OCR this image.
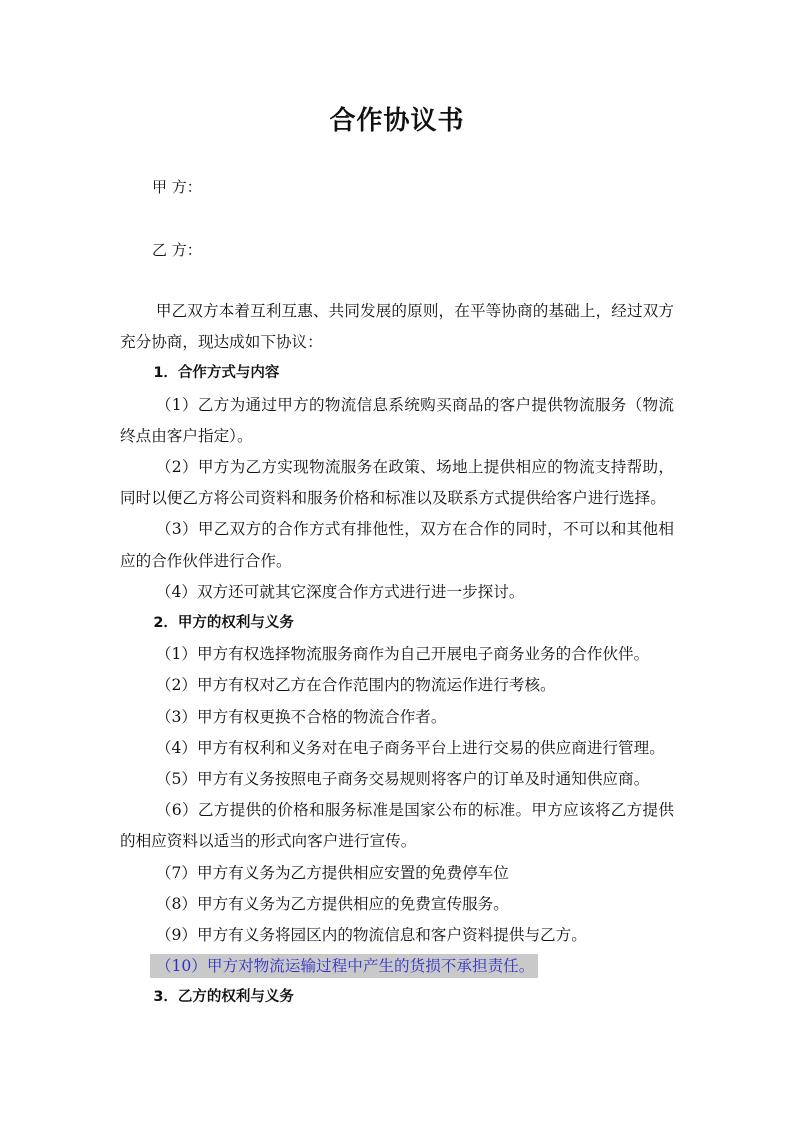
合作协议书
甲 方：
乙 方：

甲乙双方本着互利互惠、共同发展的原则，在平等协商的基础上，经过双方充分协商，现达成如下协议：

1．合作方式与内容

（1）乙方为通过甲方的物流信息系统购买商品的客户提供物流服务（物流终点由客户指定）。

（2）甲方为乙方实现物流服务在政策、场地上提供相应的物流支持帮助，同时以便乙方将公司资料和服务价格和标准以及联系方式提供给客户进行选择。

（3）甲乙双方的合作方式有排他性，双方在合作的同时，不可以和其他相应的合作伙伴进行合作。

（4）双方还可就其它深度合作方式进行进一步探讨。

2．甲方的权利与义务

（1）甲方有权选择物流服务商作为自己开展电子商务业务的合作伙伴。

（2）甲方有权对乙方在合作范围内的物流运作进行考核。

（3）甲方有权更换不合格的物流合作者。

（4）甲方有权利和义务对在电子商务平台上进行交易的供应商进行管理。

（5）甲方有义务按照电子商务交易规则将客户的订单及时通知供应商。

（6）乙方提供的价格和服务标准是国家公布的标准。甲方应该将乙方提供的相应资料以适当的形式向客户进行宣传。

（7）甲方有义务为乙方提供相应安置的免费停车位

（8）甲方有义务为乙方提供相应的免费宣传服务。

（9）甲方有义务将园区内的物流信息和客户资料提供与乙方。

（10）甲方对物流运输过程中产生的货损不承担责任。

3．乙方的权利与义务
